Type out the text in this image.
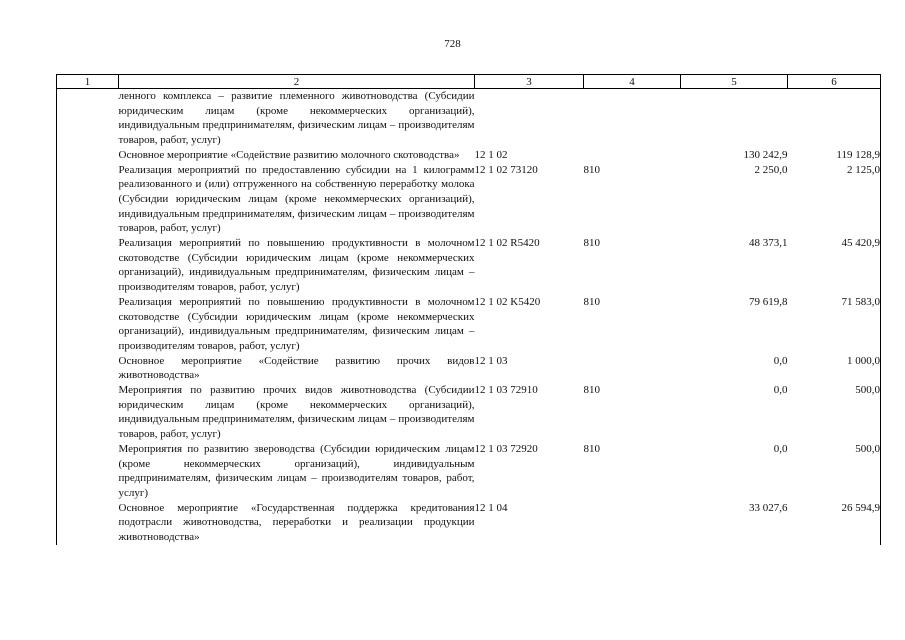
728
1	2	3	4	5	6
	ленного комплекса – развитие племенного животноводства (Субсидии юридическим лицам (кроме некоммерческих организаций), индивидуальным предпринимателям, физическим лицам – производителям товаров, работ, услуг)				
	Основное мероприятие «Содействие развитию молочного скотоводства»	12 1 02		130 242,9	119 128,9
	Реализация мероприятий по предоставлению субсидии на 1 килограмм реализованного и (или) отгруженного на собственную переработку молока (Субсидии юридическим лицам (кроме некоммерческих организаций), индивидуальным предпринимателям, физическим лицам – производителям товаров, работ, услуг)	12 1 02 73120	810	2 250,0	2 125,0
	Реализация мероприятий по повышению продуктивности в молочном скотоводстве (Субсидии юридическим лицам (кроме некоммерческих организаций), индивидуальным предпринимателям, физическим лицам – производителям товаров, работ, услуг)	12 1 02 R5420	810	48 373,1	45 420,9
	Реализация мероприятий по повышению продуктивности в молочном скотоводстве (Субсидии юридическим лицам (кроме некоммерческих организаций), индивидуальным предпринимателям, физическим лицам – производителям товаров, работ, услуг)	12 1 02 K5420	810	79 619,8	71 583,0
	Основное мероприятие «Содействие развитию прочих видов животноводства»	12 1 03		0,0	1 000,0
	Мероприятия по развитию прочих видов животноводства (Субсидии юридическим лицам (кроме некоммерческих организаций), индивидуальным предпринимателям, физическим лицам – производителям товаров, работ, услуг)	12 1 03 72910	810	0,0	500,0
	Мероприятия по развитию звероводства (Субсидии юридическим лицам (кроме некоммерческих организаций), индивидуальным предпринимателям, физическим лицам – производителям товаров, работ, услуг)	12 1 03 72920	810	0,0	500,0
	Основное мероприятие «Государственная поддержка кредитования подотрасли животноводства, переработки и реализации продукции животноводства»	12 1 04		33 027,6	26 594,9
